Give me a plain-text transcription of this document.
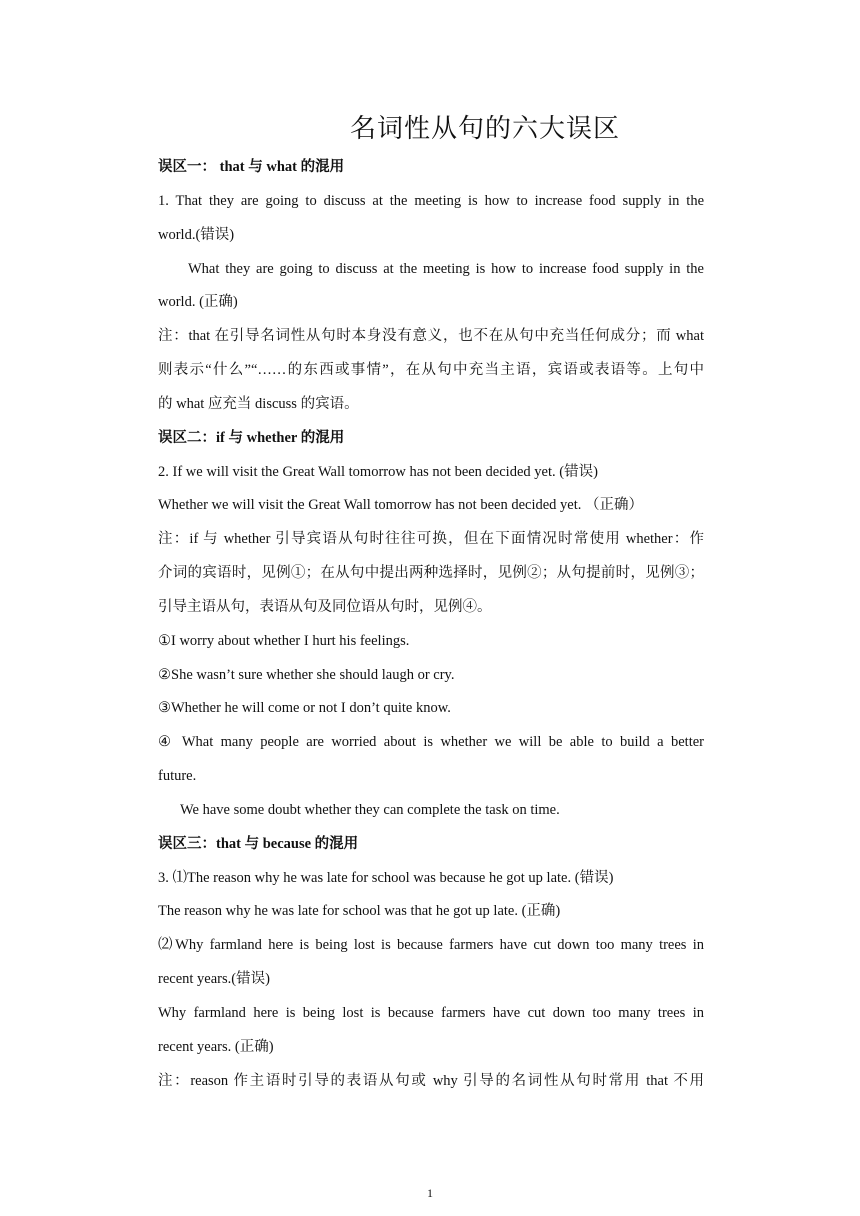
名词性从句的六大误区
误区一： that 与 what 的混用
1. That they are going to discuss at the meeting is how to increase food supply in the
world.(错误)
What they are going to discuss at the meeting is how to increase food supply in the
world. (正确)
注：that 在引导名词性从句时本身没有意义，也不在从句中充当任何成分；而 what
则表示“什么”“……的东西或事情”，在从句中充当主语，宾语或表语等。上句中
的 what 应充当 discuss 的宾语。
误区二：if 与 whether 的混用
2. If we will visit the Great Wall tomorrow has not been decided yet. (错误)
Whether we will visit the Great Wall tomorrow has not been decided yet. （正确）
注：if 与 whether 引导宾语从句时往往可换，但在下面情况时常使用 whether：作
介词的宾语时，见例①；在从句中提出两种选择时，见例②；从句提前时，见例③；
引导主语从句，表语从句及同位语从句时，见例④。
①I worry about whether I hurt his feelings.
②She wasn’t sure whether she should laugh or cry.
③Whether he will come or not I don’t quite know.
④ What many people are worried about is whether we will be able to build a better
future.
We have some doubt whether they can complete the task on time.
误区三：that 与 because 的混用
3. ⑴The reason why he was late for school was because he got up late. (错误)
The reason why he was late for school was that he got up late. (正确)
⑵Why farmland here is being lost is because farmers have cut down too many trees in
recent years.(错误)
Why farmland here is being lost is because farmers have cut down too many trees in
recent years. (正确)
注：reason 作主语时引导的表语从句或 why 引导的名词性从句时常用 that 不用
1
